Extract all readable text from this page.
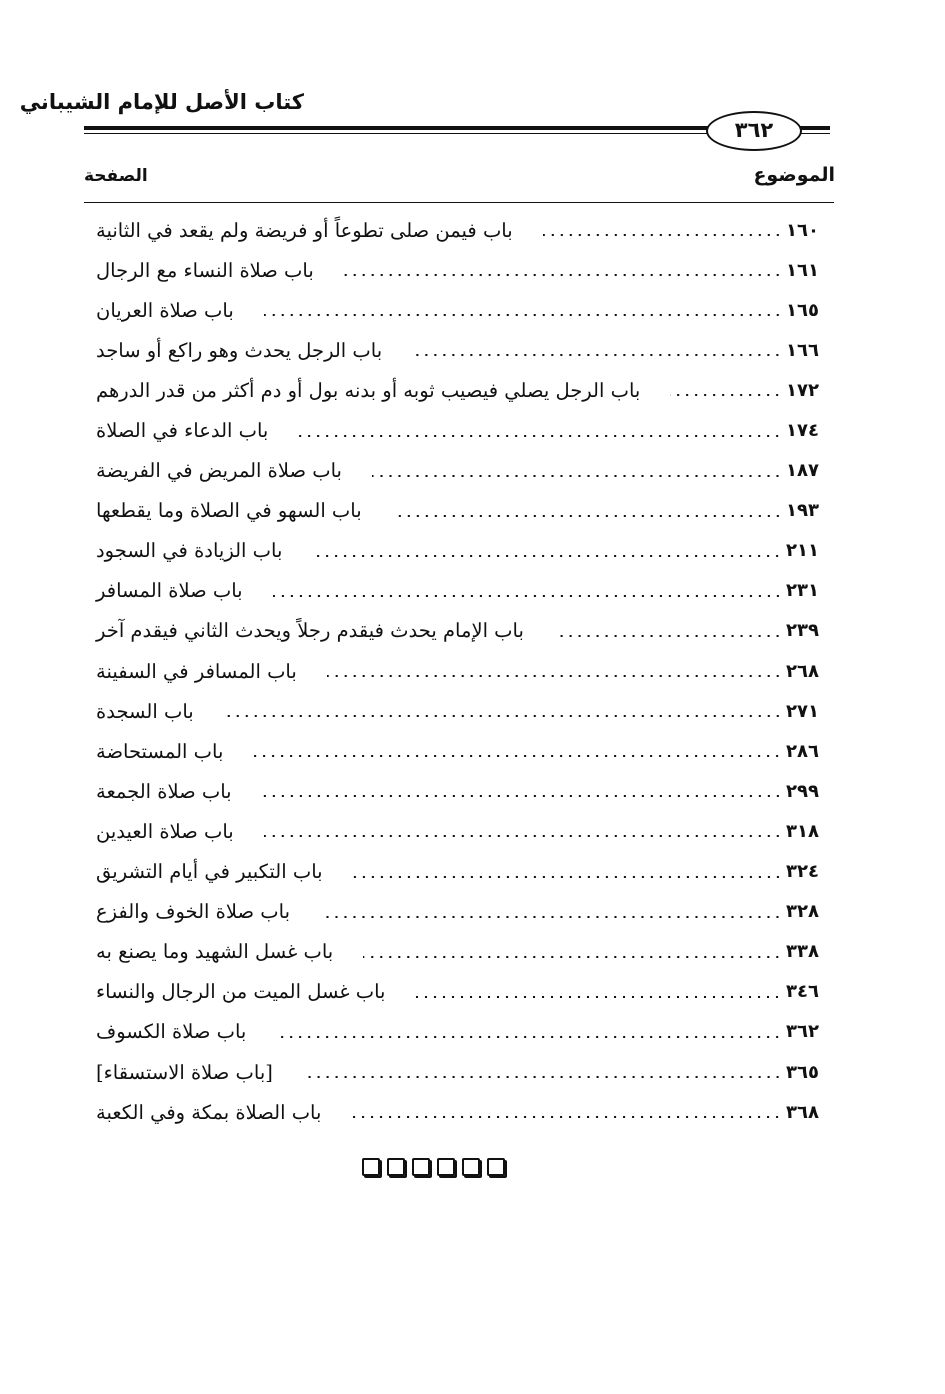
كتاب الأصل للإمام الشيباني
٣٦٢
الموضوع
الصفحة
باب فيمن صلى تطوعاً أو فريضة ولم يقعد في الثانية	١٦٠
باب صلاة النساء مع الرجال	١٦١
باب صلاة العريان	١٦٥
باب الرجل يحدث وهو راكع أو ساجد	١٦٦
باب الرجل يصلي فيصيب ثوبه أو بدنه بول أو دم أكثر من قدر الدرهم	١٧٢
باب الدعاء في الصلاة	١٧٤
باب صلاة المريض في الفريضة	١٨٧
باب السهو في الصلاة وما يقطعها	١٩٣
باب الزيادة في السجود	٢١١
باب صلاة المسافر	٢٣١
باب الإمام يحدث فيقدم رجلاً ويحدث الثاني فيقدم آخر	٢٣٩
باب المسافر في السفينة	٢٦٨
باب السجدة	٢٧١
باب المستحاضة	٢٨٦
باب صلاة الجمعة	٢٩٩
باب صلاة العيدين	٣١٨
باب التكبير في أيام التشريق	٣٢٤
باب صلاة الخوف والفزع	٣٢٨
باب غسل الشهيد وما يصنع به	٣٣٨
باب غسل الميت من الرجال والنساء	٣٤٦
باب صلاة الكسوف	٣٦٢
[باب صلاة الاستسقاء]	٣٦٥
باب الصلاة بمكة وفي الكعبة	٣٦٨
